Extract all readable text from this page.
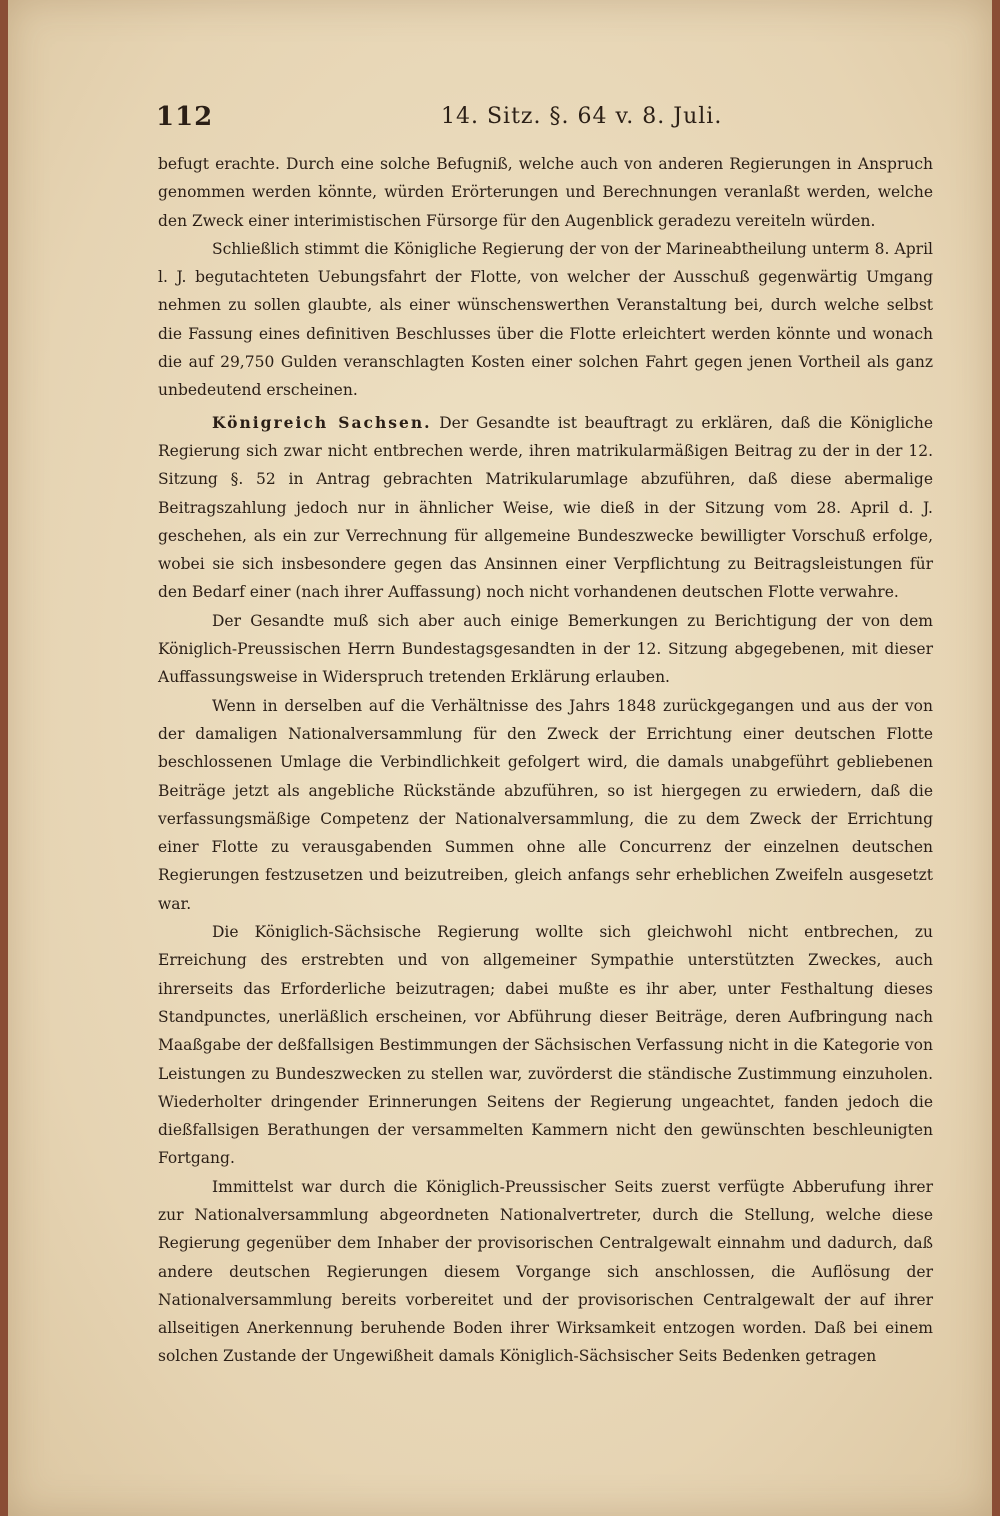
112	14. Sitz. §. 64 v. 8. Juli.

befugt erachte. Durch eine solche Befugniß, welche auch von anderen Regierungen in Anspruch genommen werden könnte, würden Erörterungen und Berechnungen veranlaßt werden, welche den Zweck einer interimistischen Fürsorge für den Augenblick geradezu vereiteln würden.

Schließlich stimmt die Königliche Regierung der von der Marineabtheilung unterm 8. April l. J. begutachteten Uebungsfahrt der Flotte, von welcher der Ausschuß gegenwärtig Umgang nehmen zu sollen glaubte, als einer wünschenswerthen Veranstaltung bei, durch welche selbst die Fassung eines definitiven Beschlusses über die Flotte erleichtert werden könnte und wonach die auf 29,750 Gulden veranschlagten Kosten einer solchen Fahrt gegen jenen Vortheil als ganz unbedeutend erscheinen.

Königreich Sachsen. Der Gesandte ist beauftragt zu erklären, daß die Königliche Regierung sich zwar nicht entbrechen werde, ihren matrikularmäßigen Beitrag zu der in der 12. Sitzung §. 52 in Antrag gebrachten Matrikularumlage abzuführen, daß diese abermalige Beitragszahlung jedoch nur in ähnlicher Weise, wie dieß in der Sitzung vom 28. April d. J. geschehen, als ein zur Verrechnung für allgemeine Bundeszwecke bewilligter Vorschuß erfolge, wobei sie sich insbesondere gegen das Ansinnen einer Verpflichtung zu Beitragsleistungen für den Bedarf einer (nach ihrer Auffassung) noch nicht vorhandenen deutschen Flotte verwahre.

Der Gesandte muß sich aber auch einige Bemerkungen zu Berichtigung der von dem Königlich-Preussischen Herrn Bundestagsgesandten in der 12. Sitzung abgegebenen, mit dieser Auffassungsweise in Widerspruch tretenden Erklärung erlauben.

Wenn in derselben auf die Verhältnisse des Jahrs 1848 zurückgegangen und aus der von der damaligen Nationalversammlung für den Zweck der Errichtung einer deutschen Flotte beschlossenen Umlage die Verbindlichkeit gefolgert wird, die damals unabgeführt gebliebenen Beiträge jetzt als angebliche Rückstände abzuführen, so ist hiergegen zu erwiedern, daß die verfassungsmäßige Competenz der Nationalversammlung, die zu dem Zweck der Errichtung einer Flotte zu verausgabenden Summen ohne alle Concurrenz der einzelnen deutschen Regierungen festzusetzen und beizutreiben, gleich anfangs sehr erheblichen Zweifeln ausgesetzt war.

Die Königlich-Sächsische Regierung wollte sich gleichwohl nicht entbrechen, zu Erreichung des erstrebten und von allgemeiner Sympathie unterstützten Zweckes, auch ihrerseits das Erforderliche beizutragen; dabei mußte es ihr aber, unter Festhaltung dieses Standpunctes, unerläßlich erscheinen, vor Abführung dieser Beiträge, deren Aufbringung nach Maaßgabe der deßfallsigen Bestimmungen der Sächsischen Verfassung nicht in die Kategorie von Leistungen zu Bundeszwecken zu stellen war, zuvörderst die ständische Zustimmung einzuholen. Wiederholter dringender Erinnerungen Seitens der Regierung ungeachtet, fanden jedoch die dießfallsigen Berathungen der versammelten Kammern nicht den gewünschten beschleunigten Fortgang.

Immittelst war durch die Königlich-Preussischer Seits zuerst verfügte Abberufung ihrer zur Nationalversammlung abgeordneten Nationalvertreter, durch die Stellung, welche diese Regierung gegenüber dem Inhaber der provisorischen Centralgewalt einnahm und dadurch, daß andere deutschen Regierungen diesem Vorgange sich anschlossen, die Auflösung der Nationalversammlung bereits vorbereitet und der provisorischen Centralgewalt der auf ihrer allseitigen Anerkennung beruhende Boden ihrer Wirksamkeit entzogen worden. Daß bei einem solchen Zustande der Ungewißheit damals Königlich-Sächsischer Seits Bedenken getragen
